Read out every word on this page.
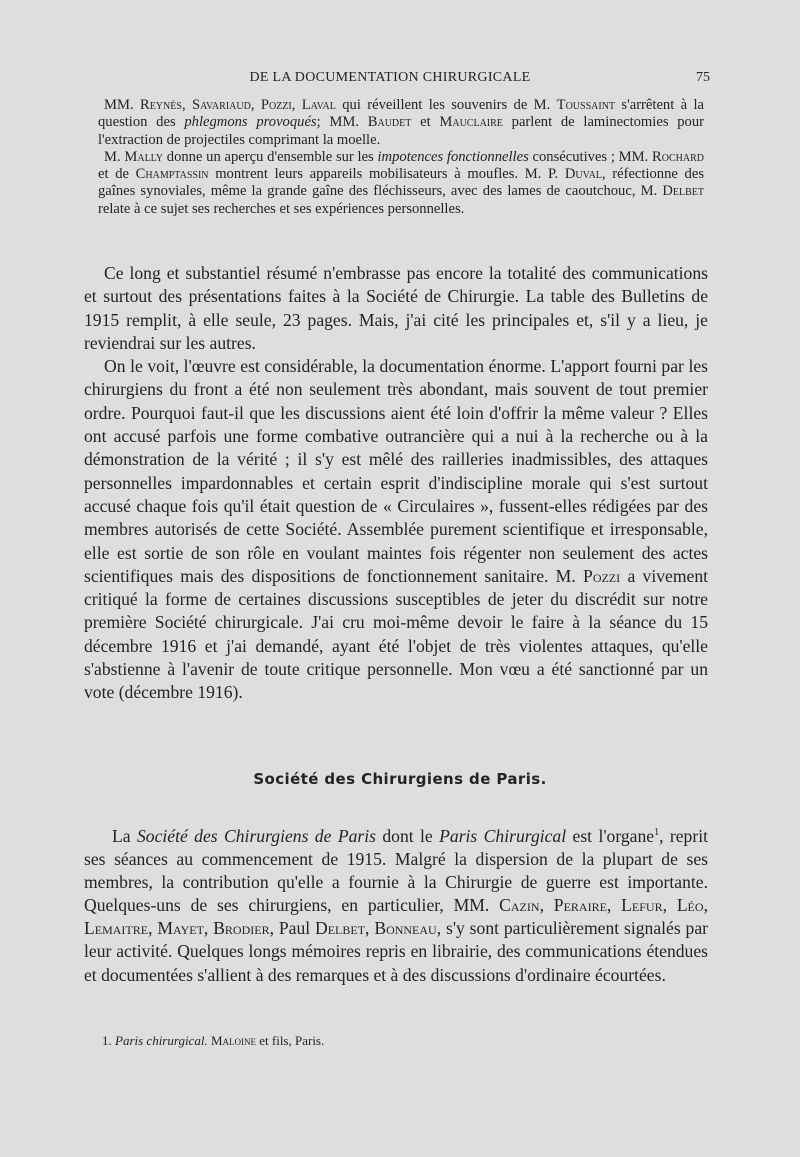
DE LA DOCUMENTATION CHIRURGICALE	75

MM. Reynès, Savariaud, Pozzi, Laval qui réveillent les souvenirs de M. Toussaint s'arrêtent à la question des phlegmons provoqués; MM. Baudet et Mauclaire parlent de laminectomies pour l'extraction de projectiles comprimant la moelle.

M. Mally donne un aperçu d'ensemble sur les impotences fonctionnelles consécutives ; MM. Rochard et de Champtassin montrent leurs appareils mobilisateurs à moufles. M. P. Duval, réfectionne des gaînes synoviales, même la grande gaîne des fléchisseurs, avec des lames de caoutchouc, M. Delbet relate à ce sujet ses recherches et ses expériences personnelles.

Ce long et substantiel résumé n'embrasse pas encore la totalité des communications et surtout des présentations faites à la Société de Chirurgie. La table des Bulletins de 1915 remplit, à elle seule, 23 pages. Mais, j'ai cité les principales et, s'il y a lieu, je reviendrai sur les autres.

On le voit, l'œuvre est considérable, la documentation énorme. L'apport fourni par les chirurgiens du front a été non seulement très abondant, mais souvent de tout premier ordre. Pourquoi faut-il que les discussions aient été loin d'offrir la même valeur ? Elles ont accusé parfois une forme combative outrancière qui a nui à la recherche ou à la démonstration de la vérité ; il s'y est mêlé des railleries inadmissibles, des attaques personnelles impardonnables et certain esprit d'indiscipline morale qui s'est surtout accusé chaque fois qu'il était question de « Circulaires », fussent-elles rédigées par des membres autorisés de cette Société. Assemblée purement scientifique et irresponsable, elle est sortie de son rôle en voulant maintes fois régenter non seulement des actes scientifiques mais des dispositions de fonctionnement sanitaire. M. Pozzi a vivement critiqué la forme de certaines discussions susceptibles de jeter du discrédit sur notre première Société chirurgicale. J'ai cru moi-même devoir le faire à la séance du 15 décembre 1916 et j'ai demandé, ayant été l'objet de très violentes attaques, qu'elle s'abstienne à l'avenir de toute critique personnelle. Mon vœu a été sanctionné par un vote (décembre 1916).

Société des Chirurgiens de Paris.

La Société des Chirurgiens de Paris dont le Paris Chirurgical est l'organe$^1$, reprit ses séances au commencement de 1915. Malgré la dispersion de la plupart de ses membres, la contribution qu'elle a fournie à la Chirurgie de guerre est importante. Quelques-uns de ses chirurgiens, en particulier, MM. Cazin, Peraire, Lefur, Léo, Lemaitre, Mayet, Brodier, Paul Delbet, Bonneau, s'y sont particulièrement signalés par leur activité. Quelques longs mémoires repris en librairie, des communications étendues et documentées s'allient à des remarques et à des discussions d'ordinaire écourtées.

1. Paris chirurgical. Maloine et fils, Paris.
